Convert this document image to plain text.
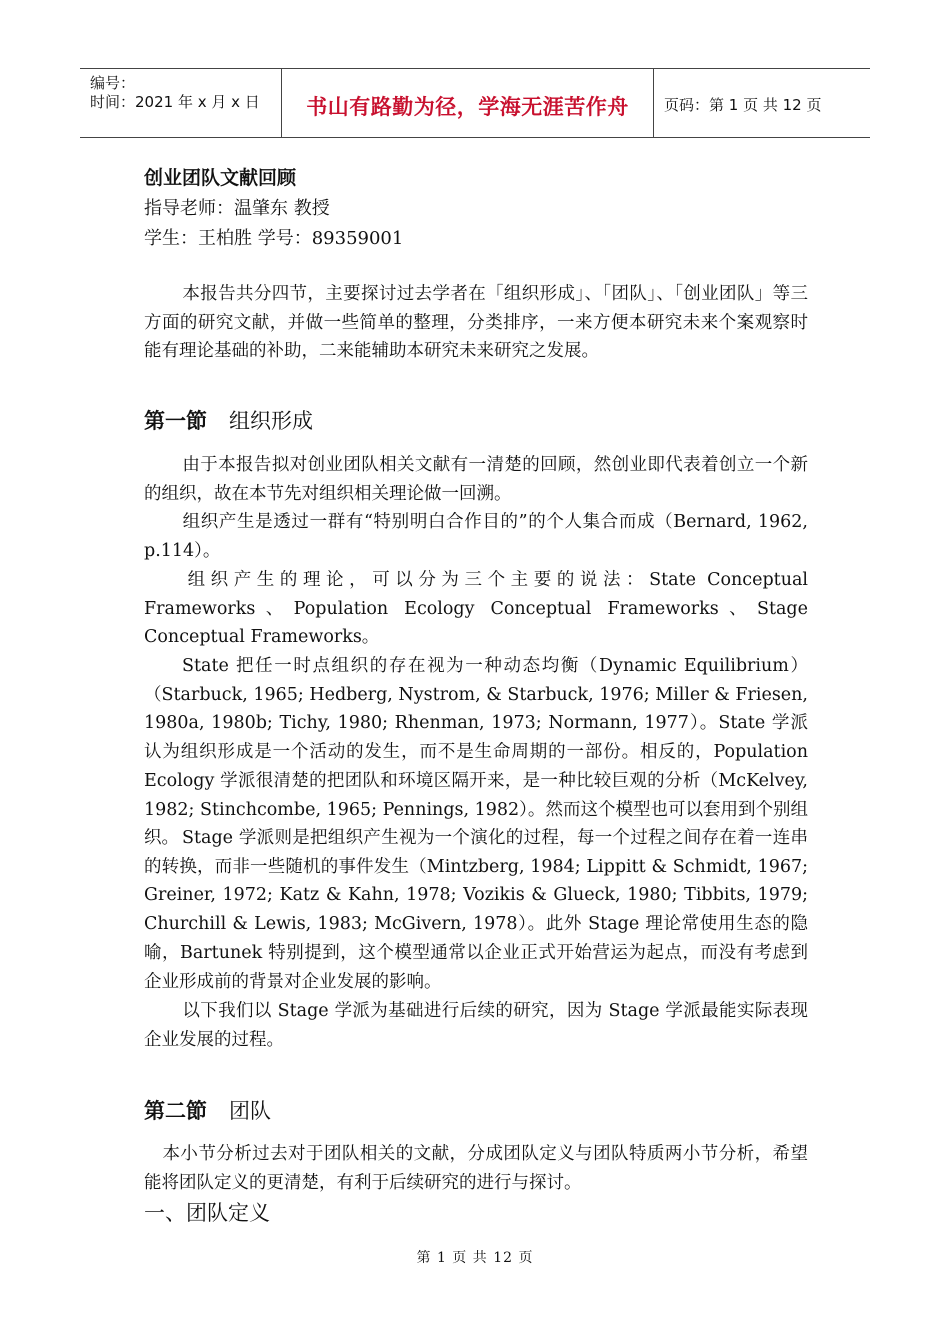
编号：
时间：2021 年 x 月 x 日	书山有路勤为径，学海无涯苦作舟	页码：第 1 页 共 12 页
创业团队文献回顾
指导老师：温肇东 教授
学生：王柏胜 学号：89359001
本报告共分四节，主要探讨过去学者在「组织形成」、「团队」、「创业团队」等三方面的研究文献，并做一些简单的整理，分类排序，一来方便本研究未来个案观察时能有理论基础的补助，二来能辅助本研究未来研究之发展。
第一節 组织形成
由于本报告拟对创业团队相关文献有一清楚的回顾，然创业即代表着创立一个新的组织，故在本节先对组织相关理论做一回溯。
组织产生是透过一群有“特别明白合作目的”的个人集合而成（Bernard, 1962, p.114）。
组织产生的理论，可以分为三个主要的说法：State Conceptual Frameworks、Population Ecology Conceptual Frameworks、Stage Conceptual Frameworks。
State 把任一时点组织的存在视为一种动态均衡（Dynamic Equilibrium）（Starbuck, 1965; Hedberg, Nystrom, & Starbuck, 1976; Miller & Friesen, 1980a, 1980b; Tichy, 1980; Rhenman, 1973; Normann, 1977）。State 学派认为组织形成是一个活动的发生，而不是生命周期的一部份。相反的，Population Ecology 学派很清楚的把团队和环境区隔开来，是一种比较巨观的分析（McKelvey, 1982; Stinchcombe, 1965; Pennings, 1982）。然而这个模型也可以套用到个别组织。 Stage 学派则是把组织产生视为一个演化的过程，每一个过程之间存在着一连串的转换，而非一些随机的事件发生（Mintzberg, 1984; Lippitt & Schmidt, 1967; Greiner, 1972; Katz & Kahn, 1978; Vozikis & Glueck, 1980; Tibbits, 1979; Churchill & Lewis, 1983; McGivern, 1978）。此外 Stage 理论常使用生态的隐喻，Bartunek 特别提到，这个模型通常以企业正式开始营运为起点，而没有考虑到企业形成前的背景对企业发展的影响。
以下我们以 Stage 学派为基础进行后续的研究，因为 Stage 学派最能实际表现企业发展的过程。
第二節 团队
本小节分析过去对于团队相关的文献，分成团队定义与团队特质两小节分析，希望能将团队定义的更清楚，有利于后续研究的进行与探讨。
一、团队定义
第 1 页 共 12 页
